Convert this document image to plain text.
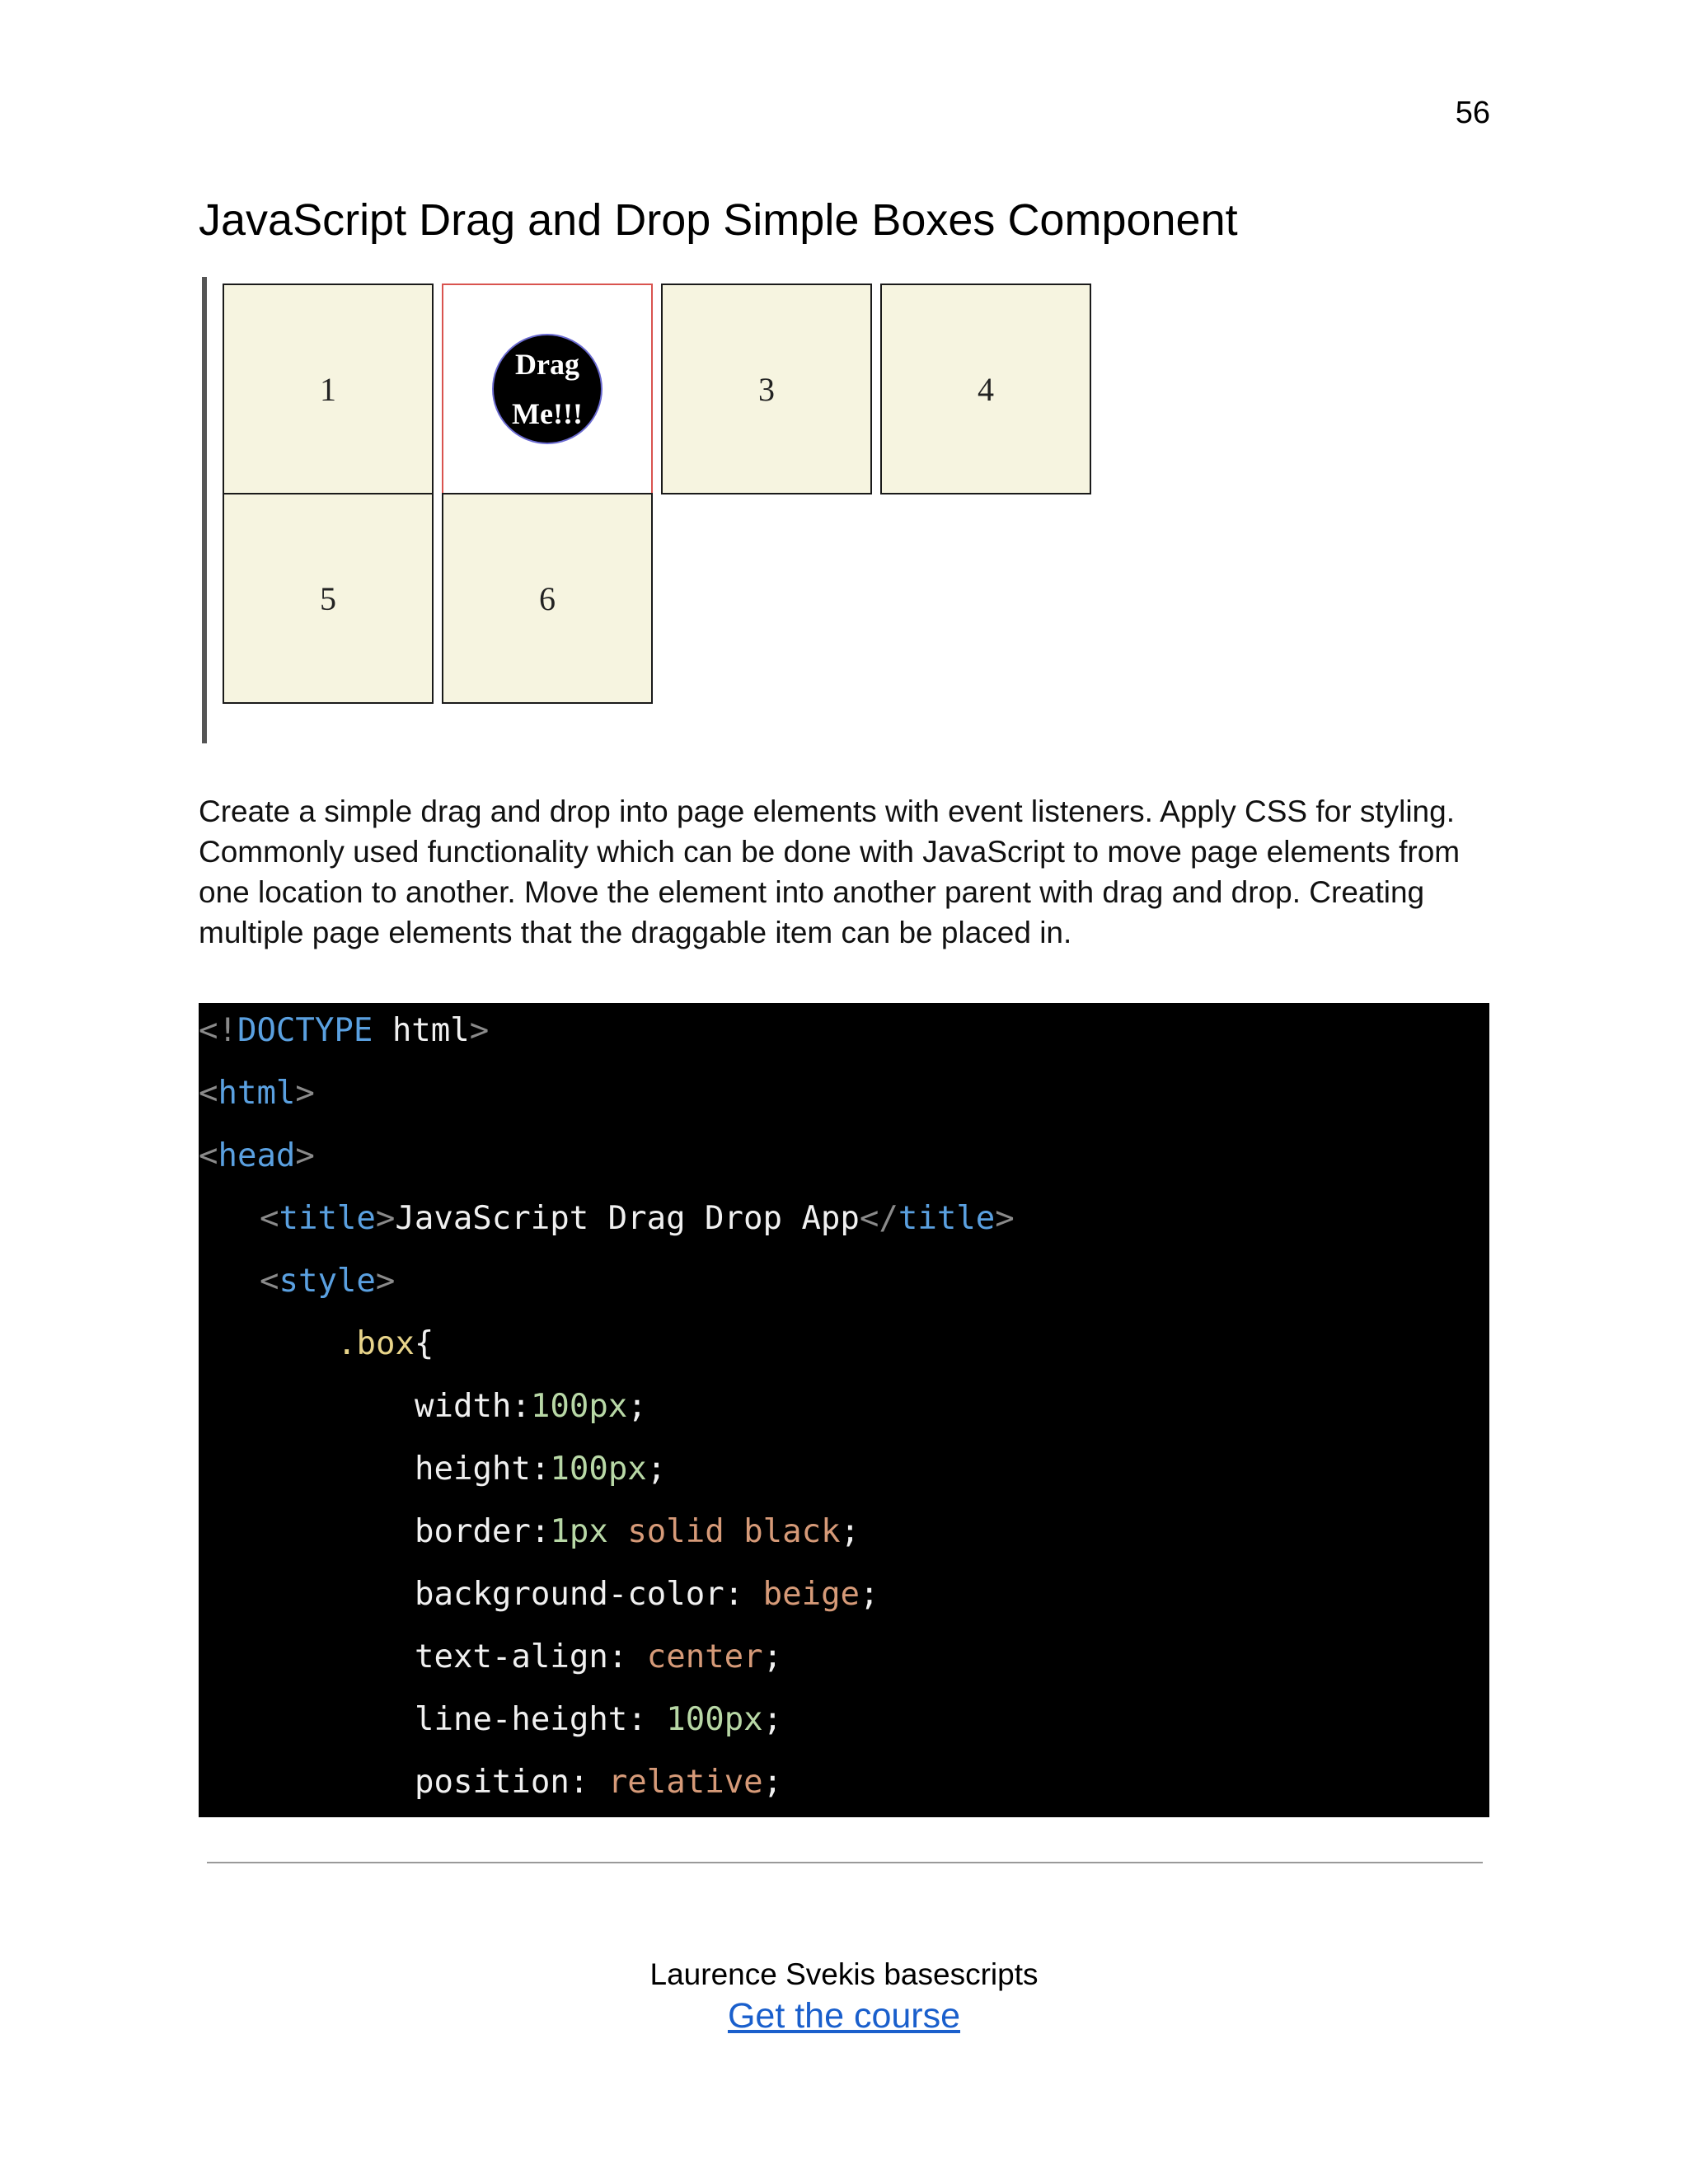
56
JavaScript Drag and Drop Simple Boxes Component
1
Drag
Me!!!
3	4
5	6

Create a simple drag and drop into page elements with event listeners. Apply CSS for styling. Commonly used functionality which can be done with JavaScript to move page elements from one location to another. Move the element into another parent with drag and drop. Creating multiple page elements that the draggable item can be placed in.

<!DOCTYPE html>
<html>
<head>
<title>JavaScript Drag Drop App</title>
<style>
.box{
width:100px;
height:100px;
border:1px solid black;
background-color: beige;
text-align: center;
line-height: 100px;
position: relative;
Laurence Svekis basescripts
Get the course
